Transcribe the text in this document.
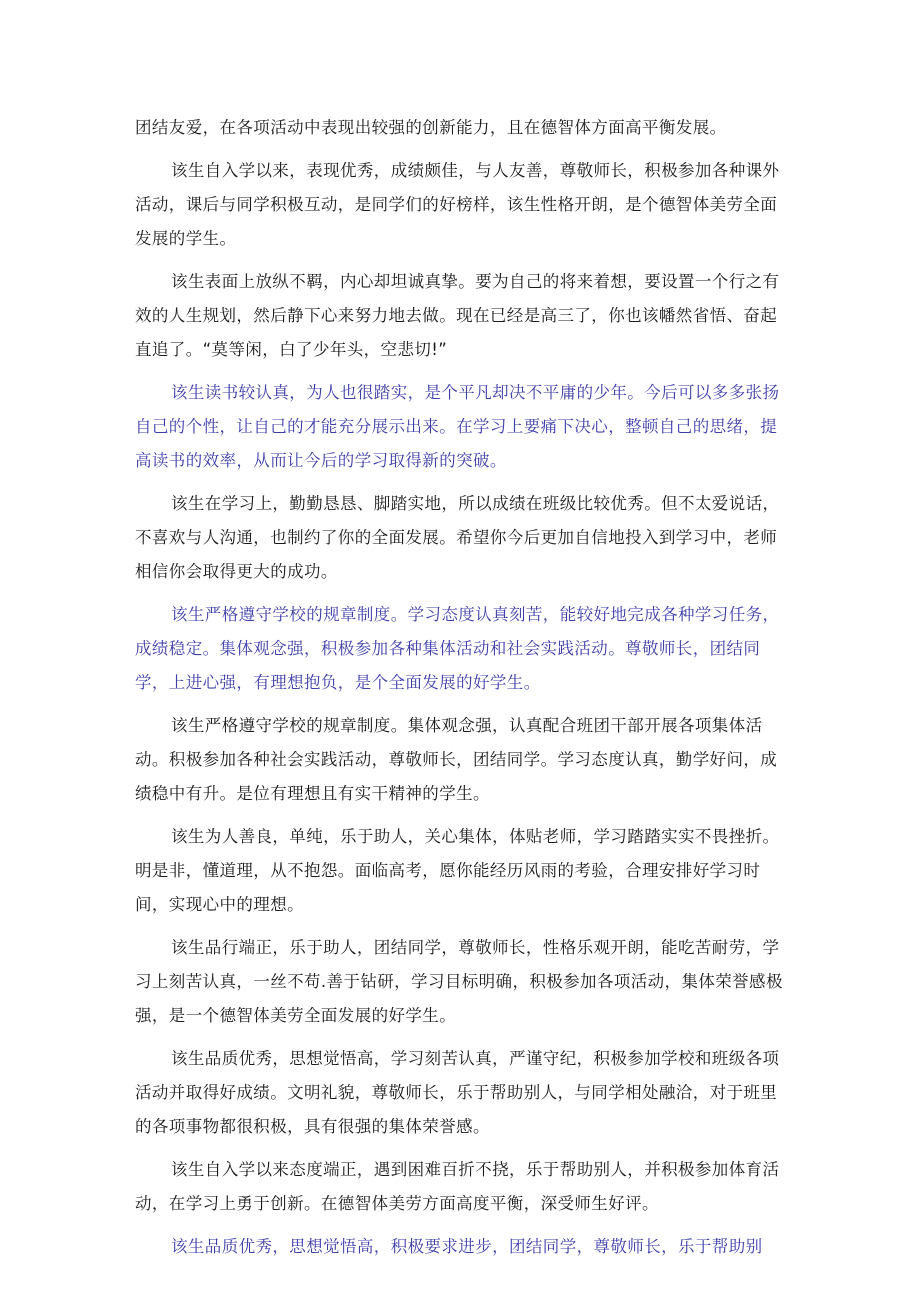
团结友爱，在各项活动中表现出较强的创新能力，且在德智体方面高平衡发展。

该生自入学以来，表现优秀，成绩颇佳，与人友善，尊敬师长，积极参加各种课外活动，课后与同学积极互动，是同学们的好榜样，该生性格开朗，是个德智体美劳全面发展的学生。

该生表面上放纵不羁，内心却坦诚真挚。要为自己的将来着想，要设置一个行之有效的人生规划，然后静下心来努力地去做。现在已经是高三了，你也该幡然省悟、奋起直追了。“莫等闲，白了少年头，空悲切!”

该生读书较认真，为人也很踏实，是个平凡却决不平庸的少年。今后可以多多张扬自己的个性，让自己的才能充分展示出来。在学习上要痛下决心，整顿自己的思绪，提高读书的效率，从而让今后的学习取得新的突破。

该生在学习上，勤勤恳恳、脚踏实地，所以成绩在班级比较优秀。但不太爱说话，不喜欢与人沟通，也制约了你的全面发展。希望你今后更加自信地投入到学习中，老师相信你会取得更大的成功。

该生严格遵守学校的规章制度。学习态度认真刻苦，能较好地完成各种学习任务，成绩稳定。集体观念强，积极参加各种集体活动和社会实践活动。尊敬师长，团结同学，上进心强，有理想抱负，是个全面发展的好学生。

该生严格遵守学校的规章制度。集体观念强，认真配合班团干部开展各项集体活动。积极参加各种社会实践活动，尊敬师长，团结同学。学习态度认真，勤学好问，成绩稳中有升。是位有理想且有实干精神的学生。

该生为人善良，单纯，乐于助人，关心集体，体贴老师，学习踏踏实实不畏挫折。明是非，懂道理，从不抱怨。面临高考，愿你能经历风雨的考验，合理安排好学习时间，实现心中的理想。

该生品行端正，乐于助人，团结同学，尊敬师长，性格乐观开朗，能吃苦耐劳，学习上刻苦认真，一丝不苟.善于钻研，学习目标明确，积极参加各项活动，集体荣誉感极强，是一个德智体美劳全面发展的好学生。

该生品质优秀，思想觉悟高，学习刻苦认真，严谨守纪，积极参加学校和班级各项活动并取得好成绩。文明礼貌，尊敬师长，乐于帮助别人，与同学相处融洽，对于班里的各项事物都很积极，具有很强的集体荣誉感。

该生自入学以来态度端正，遇到困难百折不挠，乐于帮助别人，并积极参加体育活动，在学习上勇于创新。在德智体美劳方面高度平衡，深受师生好评。

该生品质优秀，思想觉悟高，积极要求进步，团结同学，尊敬师长，乐于帮助别
